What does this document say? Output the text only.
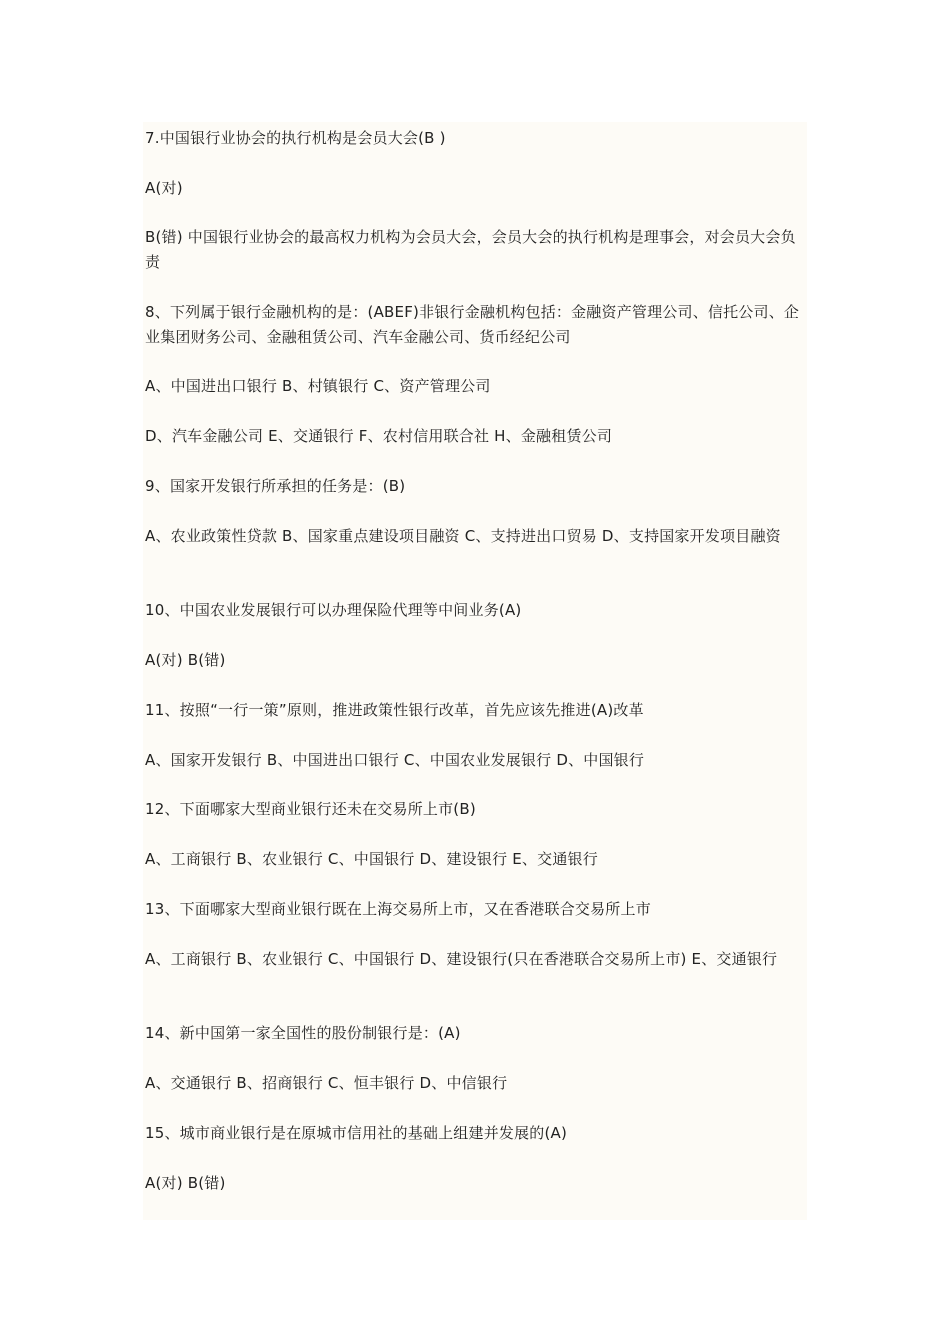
7.中国银行业协会的执行机构是会员大会(B )

A(对)

B(错) 中国银行业协会的最高权力机构为会员大会，会员大会的执行机构是理事会，对会员大会负责

8、下列属于银行金融机构的是：(ABEF)非银行金融机构包括：金融资产管理公司、信托公司、企业集团财务公司、金融租赁公司、汽车金融公司、货币经纪公司

A、中国进出口银行 B、村镇银行 C、资产管理公司

D、汽车金融公司 E、交通银行 F、农村信用联合社 H、金融租赁公司

9、国家开发银行所承担的任务是：(B)

A、农业政策性贷款 B、国家重点建设项目融资 C、支持进出口贸易 D、支持国家开发项目融资

10、中国农业发展银行可以办理保险代理等中间业务(A)

A(对) B(错)

11、按照“一行一策”原则，推进政策性银行改革，首先应该先推进(A)改革

A、国家开发银行 B、中国进出口银行 C、中国农业发展银行 D、中国银行

12、下面哪家大型商业银行还未在交易所上市(B)

A、工商银行 B、农业银行 C、中国银行 D、建设银行 E、交通银行

13、下面哪家大型商业银行既在上海交易所上市，又在香港联合交易所上市

A、工商银行 B、农业银行 C、中国银行 D、建设银行(只在香港联合交易所上市) E、交通银行

14、新中国第一家全国性的股份制银行是：(A)

A、交通银行 B、招商银行 C、恒丰银行 D、中信银行

15、城市商业银行是在原城市信用社的基础上组建并发展的(A)

A(对) B(错)
